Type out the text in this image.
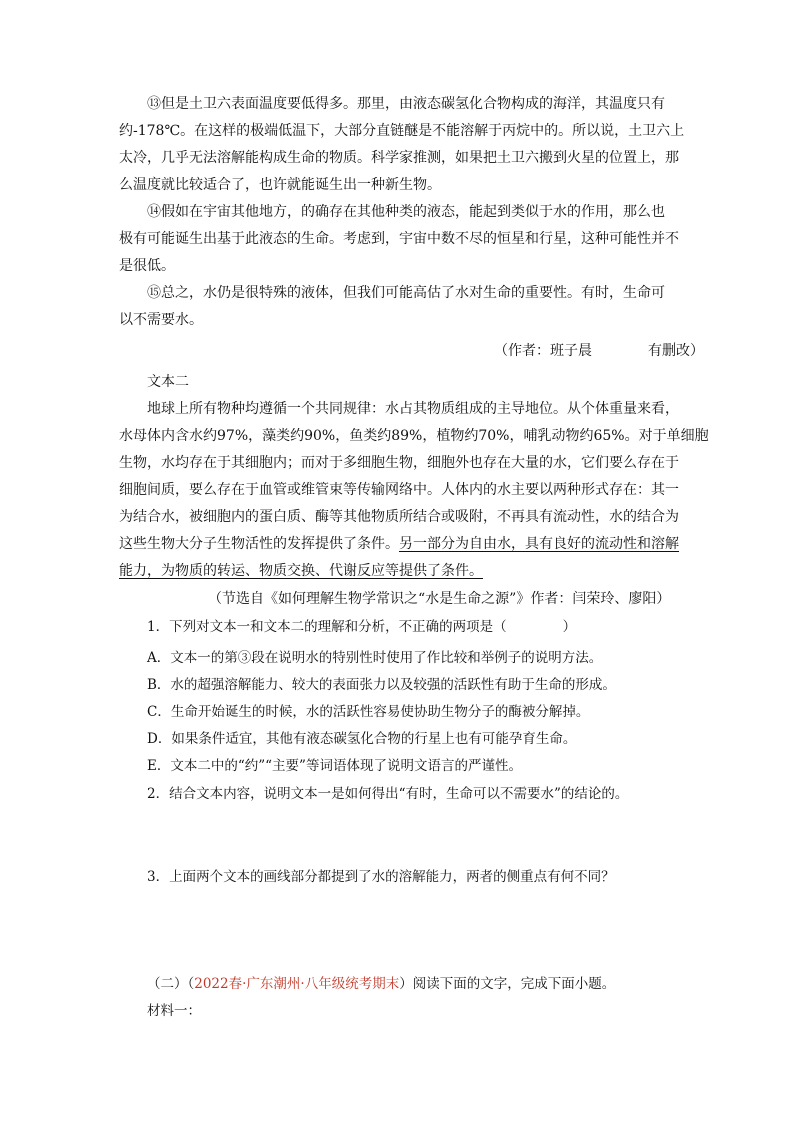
⑬但是土卫六表面温度要低得多。那里，由液态碳氢化合物构成的海洋，其温度只有
约-178℃。在这样的极端低温下，大部分直链醚是不能溶解于丙烷中的。所以说，土卫六上
太冷，几乎无法溶解能构成生命的物质。科学家推测，如果把土卫六搬到火星的位置上，那
么温度就比较适合了，也许就能诞生出一种新生物。
⑭假如在宇宙其他地方，的确存在其他种类的液态，能起到类似于水的作用，那么也
极有可能诞生出基于此液态的生命。考虑到，宇宙中数不尽的恒星和行星，这种可能性并不
是很低。
⑮总之，水仍是很特殊的液体，但我们可能高估了水对生命的重要性。有时，生命可
以不需要水。
（作者：班子晨	有删改）
文本二
地球上所有物种均遵循一个共同规律：水占其物质组成的主导地位。从个体重量来看，
水母体内含水约97%，藻类约90%，鱼类约89%，植物约70%，哺乳动物约65%。对于单细胞
生物，水均存在于其细胞内；而对于多细胞生物，细胞外也存在大量的水，它们要么存在于
细胞间质，要么存在于血管或维管束等传输网络中。人体内的水主要以两种形式存在：其一
为结合水，被细胞内的蛋白质、酶等其他物质所结合或吸附，不再具有流动性，水的结合为
这些生物大分子生物活性的发挥提供了条件。另一部分为自由水，具有良好的流动性和溶解
能力，为物质的转运、物质交换、代谢反应等提供了条件。
（节选自《如何理解生物学常识之“水是生命之源”》作者：闫荣玲、廖阳）
1．下列对文本一和文本二的理解和分析，不正确的两项是（	）
A．文本一的第③段在说明水的特别性时使用了作比较和举例子的说明方法。
B．水的超强溶解能力、较大的表面张力以及较强的活跃性有助于生命的形成。
C．生命开始诞生的时候，水的活跃性容易使协助生物分子的酶被分解掉。
D．如果条件适宜，其他有液态碳氢化合物的行星上也有可能孕育生命。
E．文本二中的“约”“主要”等词语体现了说明文语言的严谨性。
2．结合文本内容，说明文本一是如何得出“有时，生命可以不需要水”的结论的。
3．上面两个文本的画线部分都提到了水的溶解能力，两者的侧重点有何不同？
（二）（2022春·广东潮州·八年级统考期末）阅读下面的文字，完成下面小题。
材料一：
